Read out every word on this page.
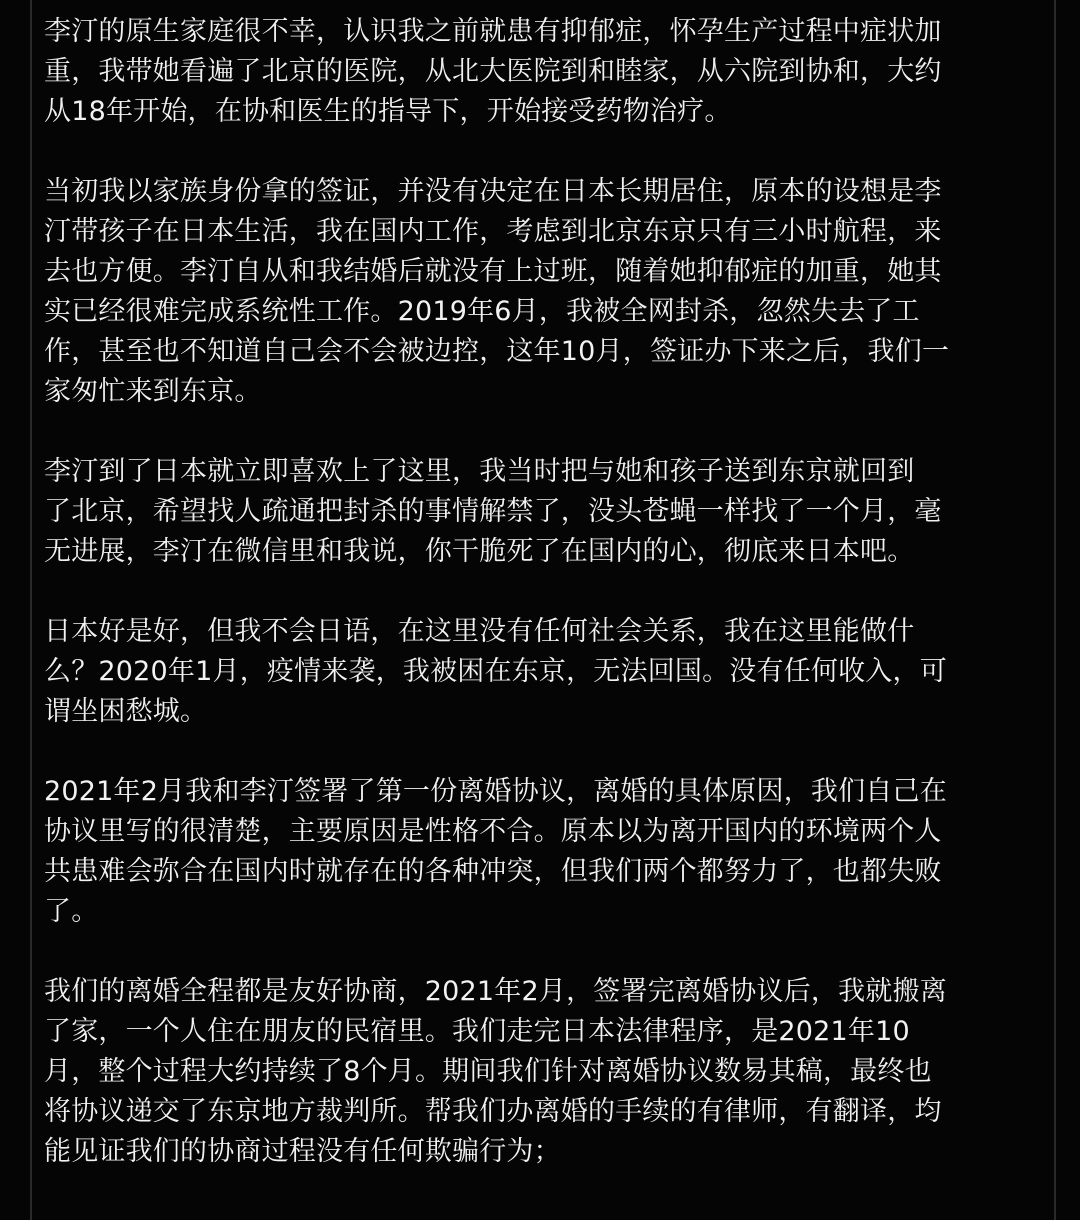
李汀的原生家庭很不幸，认识我之前就患有抑郁症，怀孕生产过程中症状加
重，我带她看遍了北京的医院，从北大医院到和睦家，从六院到协和，大约
从18年开始，在协和医生的指导下，开始接受药物治疗。

当初我以家族身份拿的签证，并没有决定在日本长期居住，原本的设想是李
汀带孩子在日本生活，我在国内工作，考虑到北京东京只有三小时航程，来
去也方便。李汀自从和我结婚后就没有上过班，随着她抑郁症的加重，她其
实已经很难完成系统性工作。2019年6月，我被全网封杀，忽然失去了工
作，甚至也不知道自己会不会被边控，这年10月，签证办下来之后，我们一
家匆忙来到东京。

李汀到了日本就立即喜欢上了这里，我当时把与她和孩子送到东京就回到
了北京，希望找人疏通把封杀的事情解禁了，没头苍蝇一样找了一个月，毫
无进展，李汀在微信里和我说，你干脆死了在国内的心，彻底来日本吧。

日本好是好，但我不会日语，在这里没有任何社会关系，我在这里能做什
么？2020年1月，疫情来袭，我被困在东京，无法回国。没有任何收入，可
谓坐困愁城。

2021年2月我和李汀签署了第一份离婚协议，离婚的具体原因，我们自己在
协议里写的很清楚，主要原因是性格不合。原本以为离开国内的环境两个人
共患难会弥合在国内时就存在的各种冲突，但我们两个都努力了，也都失败
了。

我们的离婚全程都是友好协商，2021年2月，签署完离婚协议后，我就搬离
了家，一个人住在朋友的民宿里。我们走完日本法律程序，是2021年10
月，整个过程大约持续了8个月。期间我们针对离婚协议数易其稿，最终也
将协议递交了东京地方裁判所。帮我们办离婚的手续的有律师，有翻译，均
能见证我们的协商过程没有任何欺骗行为；
